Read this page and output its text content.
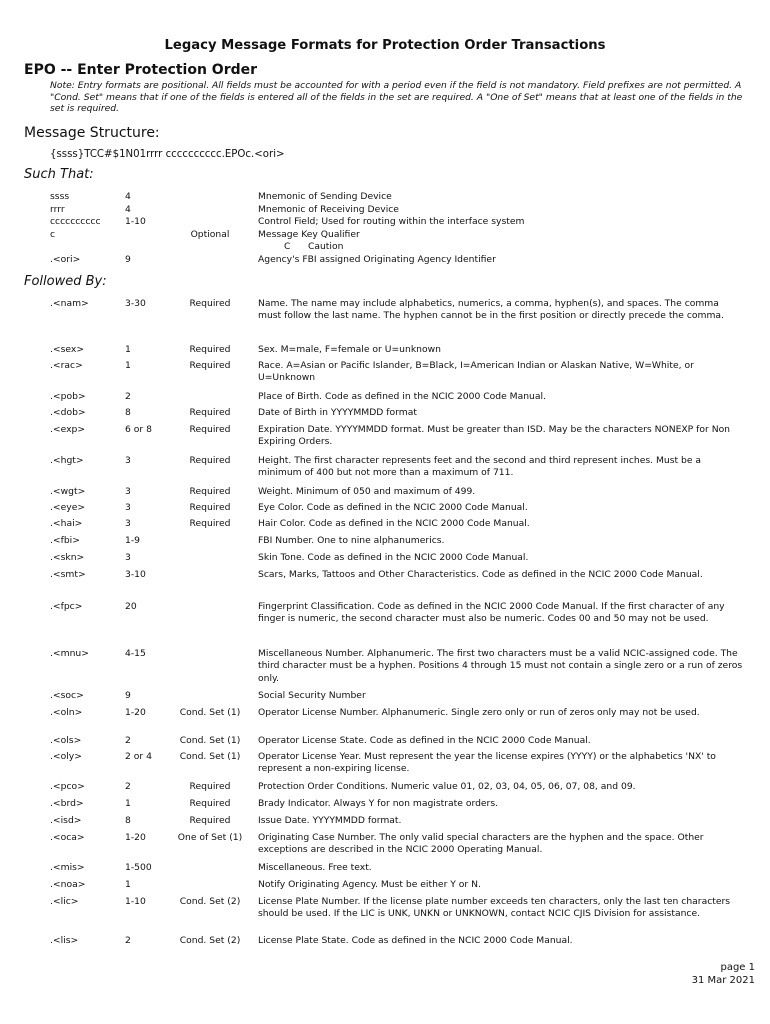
Legacy Message Formats for Protection Order Transactions
EPO -- Enter Protection Order
Note: Entry formats are positional. All fields must be accounted for with a period even if the field is not mandatory. Field prefixes are not permitted. A "Cond. Set" means that if one of the fields is entered all of the fields in the set are required. A "One of Set" means that at least one of the fields in the set is required.
Message Structure:
{ssss}TCC#$1N01rrrr cccccccccc.EPOc.<ori>
Such That:
ssss	4	Mnemonic of Sending Device
rrrr	4	Mnemonic of Receiving Device
cccccccccc	1-10	Control Field; Used for routing within the interface system
c	Optional	Message Key Qualifier
C      Caution
.<ori>	9	Agency's FBI assigned Originating Agency Identifier
Followed By:
.<nam>	3-30	Required	Name. The name may include alphabetics, numerics, a comma, hyphen(s), and spaces. The comma must follow the last name. The hyphen cannot be in the first position or directly precede the comma.
.<sex>	1	Required	Sex. M=male, F=female or U=unknown
.<rac>	1	Required	Race. A=Asian or Pacific Islander, B=Black, I=American Indian or Alaskan Native, W=White, or U=Unknown
.<pob>	2	Place of Birth. Code as defined in the NCIC 2000 Code Manual.
.<dob>	8	Required	Date of Birth in YYYYMMDD format
.<exp>	6 or 8	Required	Expiration Date. YYYYMMDD format. Must be greater than ISD. May be the characters NONEXP for Non Expiring Orders.
.<hgt>	3	Required	Height. The first character represents feet and the second and third represent inches. Must be a minimum of 400 but not more than a maximum of 711.
.<wgt>	3	Required	Weight. Minimum of 050 and maximum of 499.
.<eye>	3	Required	Eye Color. Code as defined in the NCIC 2000 Code Manual.
.<hai>	3	Required	Hair Color. Code as defined in the NCIC 2000 Code Manual.
.<fbi>	1-9	FBI Number. One to nine alphanumerics.
.<skn>	3	Skin Tone. Code as defined in the NCIC 2000 Code Manual.
.<smt>	3-10	Scars, Marks, Tattoos and Other Characteristics. Code as defined in the NCIC 2000 Code Manual.
.<fpc>	20	Fingerprint Classification. Code as defined in the NCIC 2000 Code Manual. If the first character of any finger is numeric, the second character must also be numeric. Codes 00 and 50 may not be used.
.<mnu>	4-15	Miscellaneous Number. Alphanumeric. The first two characters must be a valid NCIC-assigned code. The third character must be a hyphen. Positions 4 through 15 must not contain a single zero or a run of zeros only.
.<soc>	9	Social Security Number
.<oln>	1-20	Cond. Set (1)	Operator License Number. Alphanumeric. Single zero only or run of zeros only may not be used.
.<ols>	2	Cond. Set (1)	Operator License State. Code as defined in the NCIC 2000 Code Manual.
.<oly>	2 or 4	Cond. Set (1)	Operator License Year. Must represent the year the license expires (YYYY) or the alphabetics 'NX' to represent a non-expiring license.
.<pco>	2	Required	Protection Order Conditions. Numeric value 01, 02, 03, 04, 05, 06, 07, 08, and 09.
.<brd>	1	Required	Brady Indicator. Always Y for non magistrate orders.
.<isd>	8	Required	Issue Date. YYYYMMDD format.
.<oca>	1-20	One of Set (1)	Originating Case Number. The only valid special characters are the hyphen and the space. Other exceptions are described in the NCIC 2000 Operating Manual.
.<mis>	1-500	Miscellaneous. Free text.
.<noa>	1	Notify Originating Agency. Must be either Y or N.
.<lic>	1-10	Cond. Set (2)	License Plate Number. If the license plate number exceeds ten characters, only the last ten characters should be used. If the LIC is UNK, UNKN or UNKNOWN, contact NCIC CJIS Division for assistance.
.<lis>	2	Cond. Set (2)	License Plate State. Code as defined in the NCIC 2000 Code Manual.
page 1
31 Mar 2021
